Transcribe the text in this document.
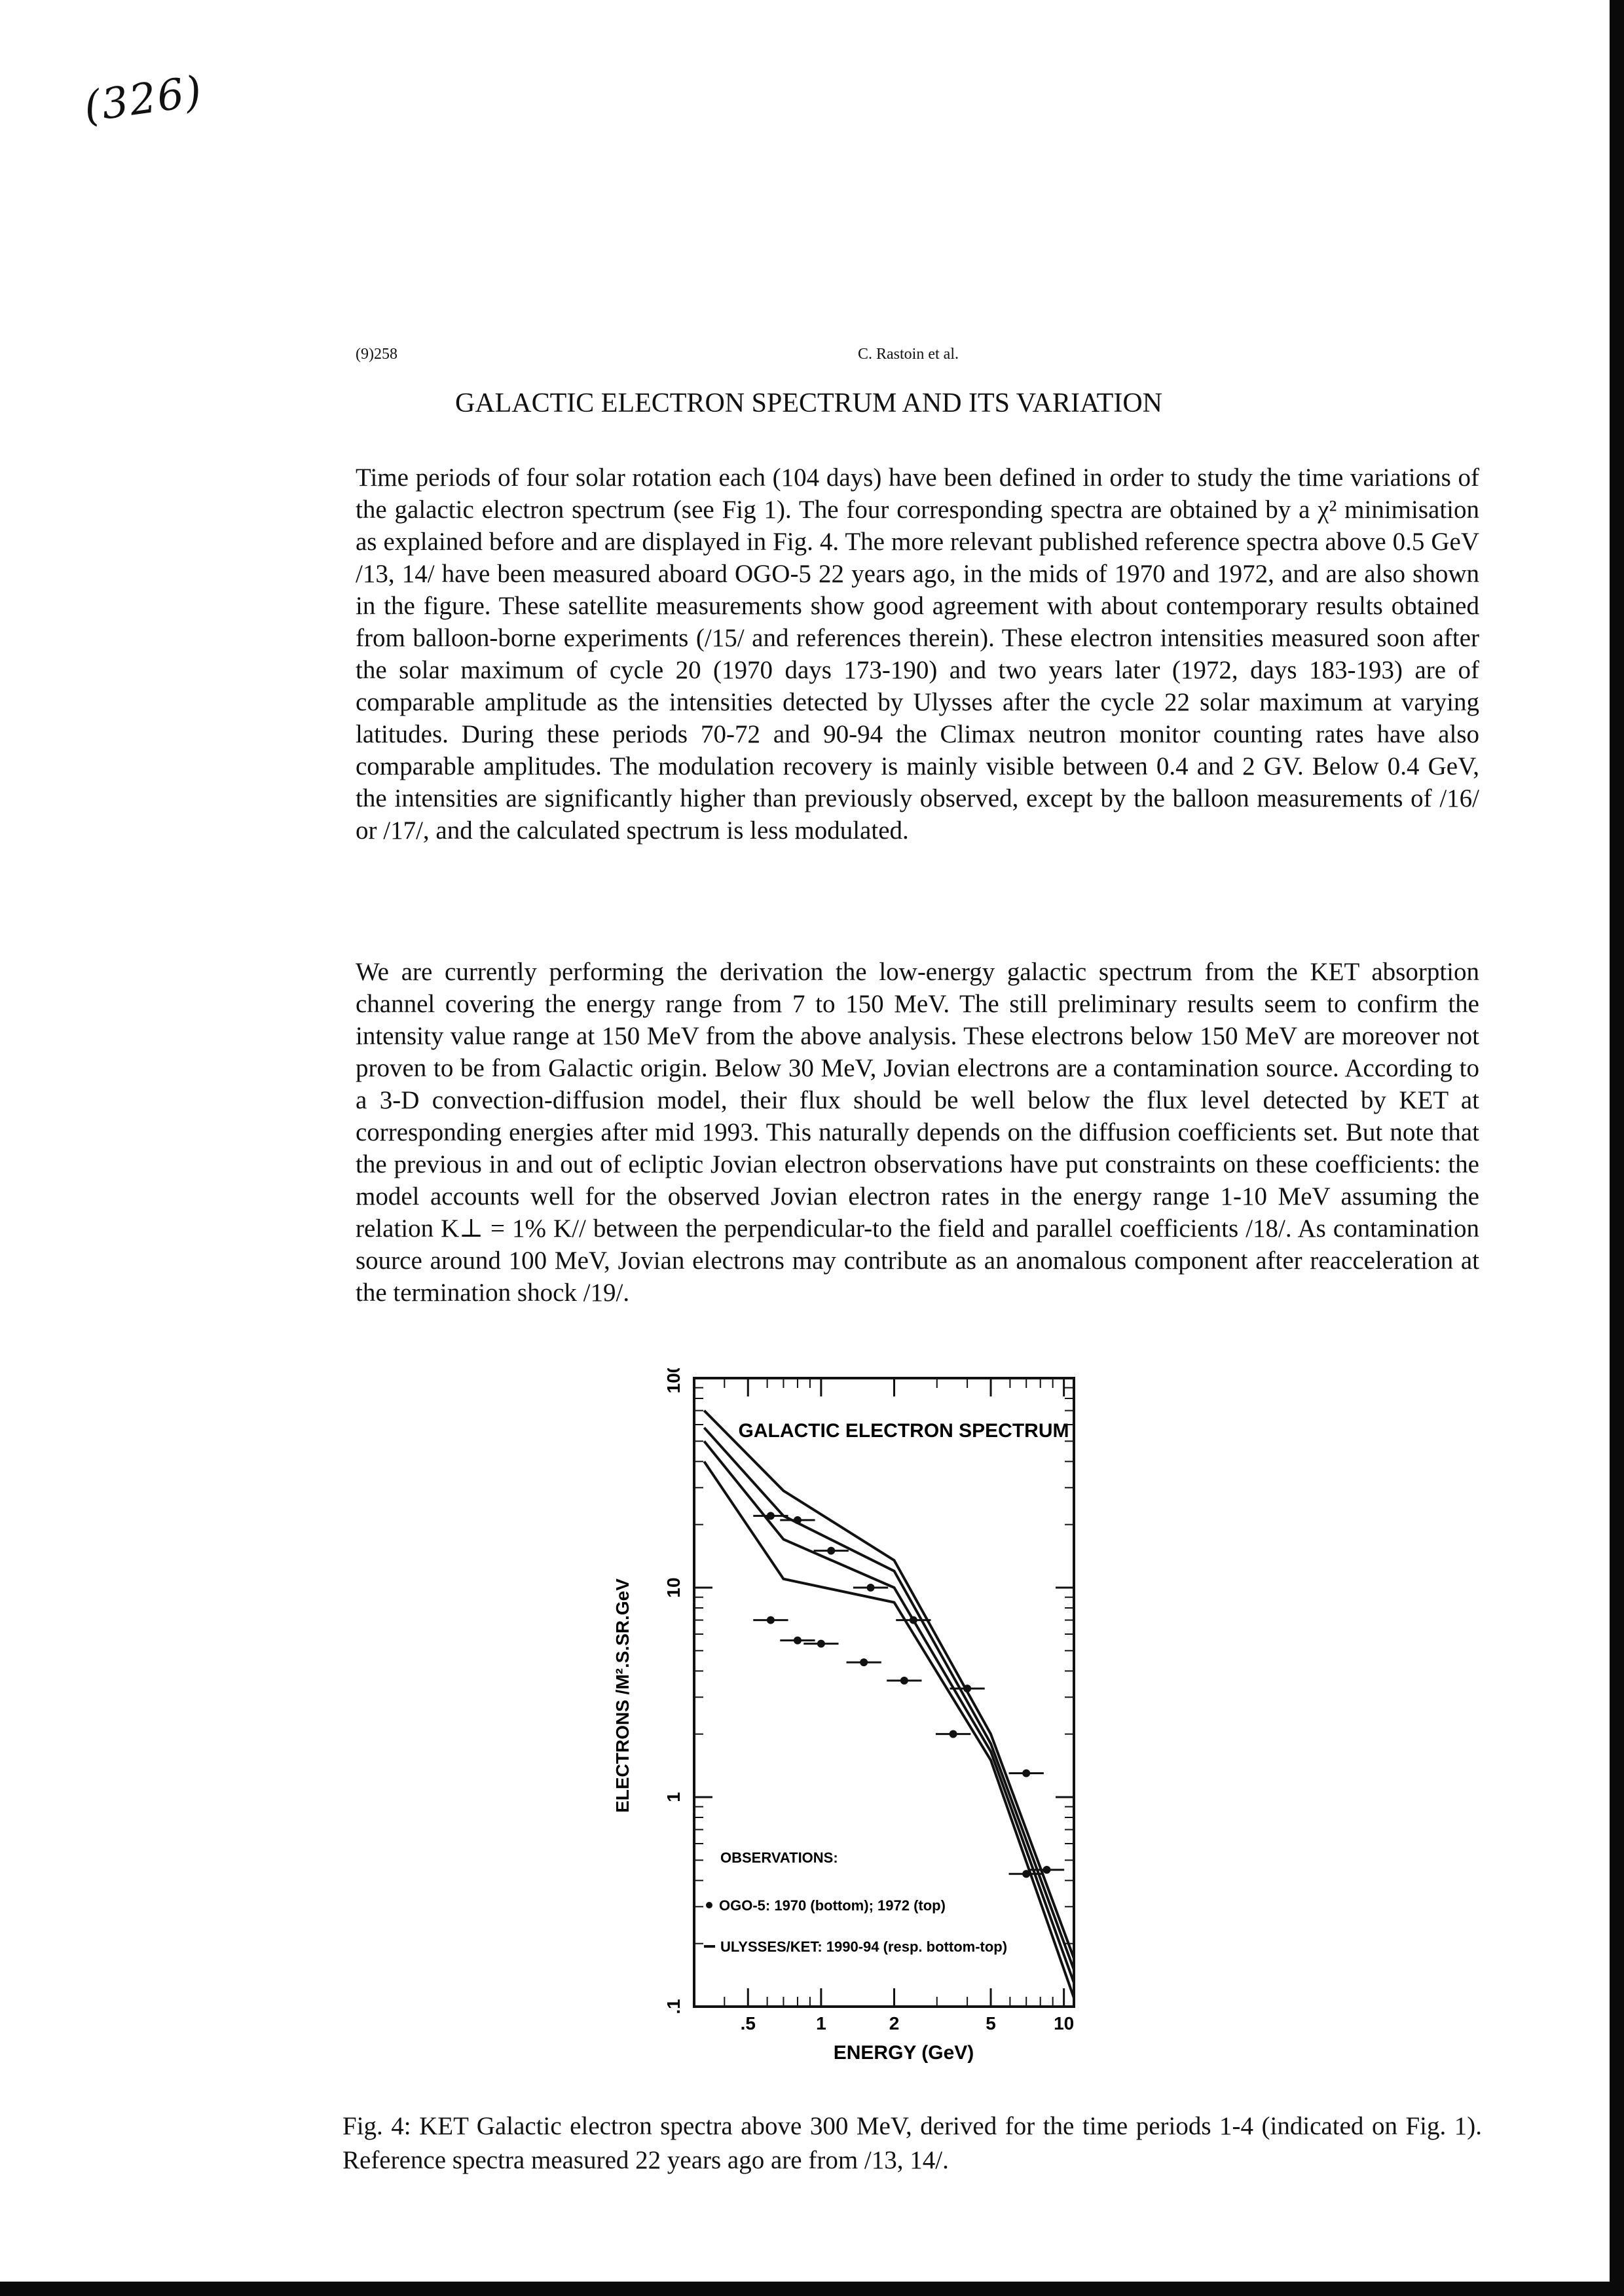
(326)
(9)258	C. Rastoin et al.
GALACTIC ELECTRON SPECTRUM AND ITS VARIATION

Time periods of four solar rotation each (104 days) have been defined in order to study the time variations of the galactic electron spectrum (see Fig 1). The four corresponding spectra are obtained by a χ² minimisation as explained before and are displayed in Fig. 4. The more relevant published reference spectra above 0.5 GeV /13, 14/ have been measured aboard OGO-5 22 years ago, in the mids of 1970 and 1972, and are also shown in the figure. These satellite measurements show good agreement with about contemporary results obtained from balloon-borne experiments (/15/ and references therein). These electron intensities measured soon after the solar maximum of cycle 20 (1970 days 173-190) and two years later (1972, days 183-193) are of comparable amplitude as the intensities detected by Ulysses after the cycle 22 solar maximum at varying latitudes. During these periods 70-72 and 90-94 the Climax neutron monitor counting rates have also comparable amplitudes. The modulation recovery is mainly visible between 0.4 and 2 GV. Below 0.4 GeV, the intensities are significantly higher than previously observed, except by the balloon measurements of /16/ or /17/, and the calculated spectrum is less modulated.

We are currently performing the derivation the low-energy galactic spectrum from the KET absorption channel covering the energy range from 7 to 150 MeV. The still preliminary results seem to confirm the intensity value range at 150 MeV from the above analysis. These electrons below 150 MeV are moreover not proven to be from Galactic origin. Below 30 MeV, Jovian electrons are a contamination source. According to a 3-D convection-diffusion model, their flux should be well below the flux level detected by KET at corresponding energies after mid 1993. This naturally depends on the diffusion coefficients set. But note that the previous in and out of ecliptic Jovian electron observations have put constraints on these coefficients: the model accounts well for the observed Jovian electron rates in the energy range 1-10 MeV assuming the relation K⊥ = 1% K// between the perpendicular-to the field and parallel coefficients /18/. As contamination source around 100 MeV, Jovian electrons may contribute as an anomalous component after reacceleration at the termination shock /19/.

GALACTIC ELECTRON SPECTRUM
ELECTRONS /M².S.SR.GeV
ENERGY (GeV)
OBSERVATIONS:
OGO-5: 1970 (bottom); 1972 (top)
ULYSSES/KET: 1990-94 (resp. bottom-top)
.5	1	2	5	10
100
10
1
.1

Fig. 4: KET Galactic electron spectra above 300 MeV, derived for the time periods 1-4 (indicated on Fig. 1). Reference spectra measured 22 years ago are from /13, 14/.
